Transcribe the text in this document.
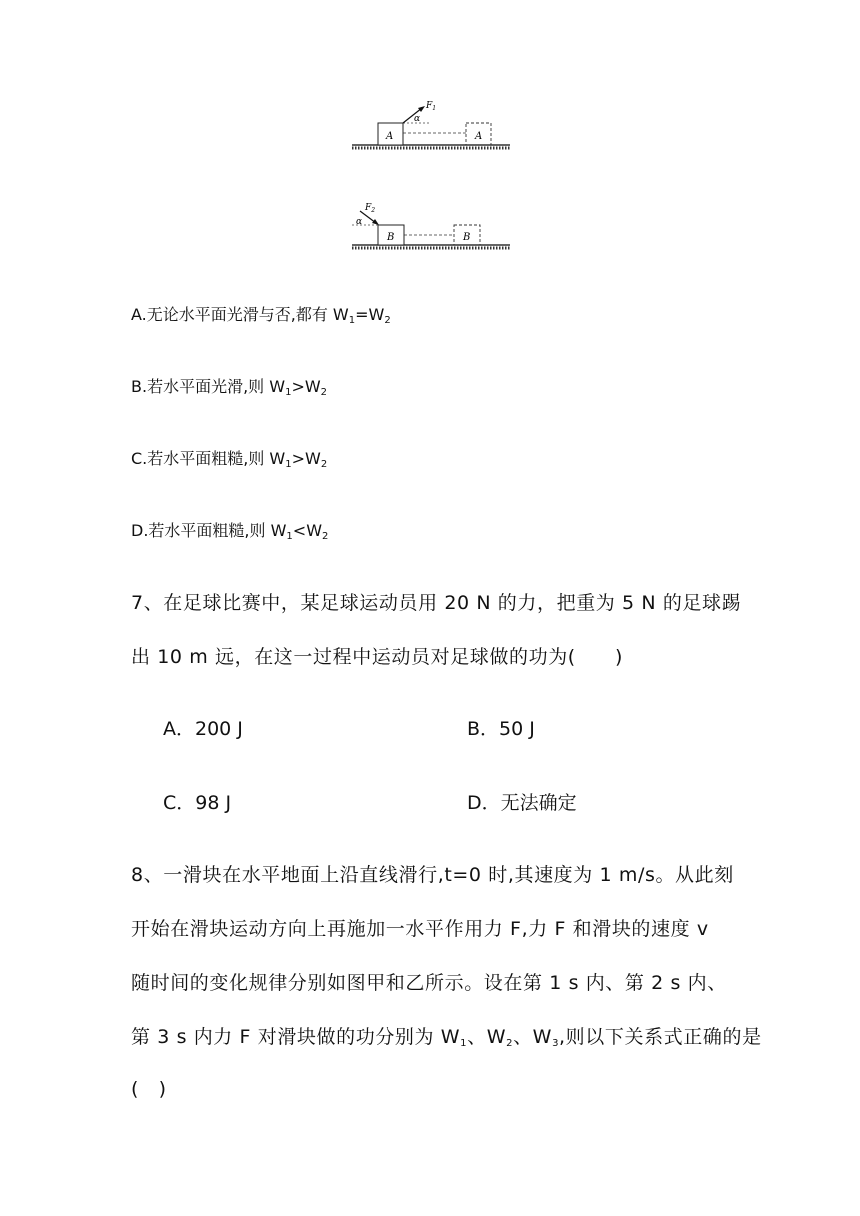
A	A
$F_1$
α
B	B
$F_2$
α
A.无论水平面光滑与否,都有 $W_1=W_2$
B.若水平面光滑,则 $W_1>W_2$
C.若水平面粗糙,则 $W_1>W_2$
D.若水平面粗糙,则 $W_1<W_2$
7、在足球比赛中，某足球运动员用 20 N 的力，把重为 5 N 的足球踢
出 10 m 远，在这一过程中运动员对足球做的功为(　　)
A．200 J	B．50 J
C．98 J	D．无法确定
8、一滑块在水平地面上沿直线滑行,t=0 时,其速度为 1 m/s。从此刻
开始在滑块运动方向上再施加一水平作用力 F,力 F 和滑块的速度 v
随时间的变化规律分别如图甲和乙所示。设在第 1 s 内、第 2 s 内、
第 3 s 内力 F 对滑块做的功分别为 $W_1$、$W_2$、$W_3$,则以下关系式正确的是
(　)
